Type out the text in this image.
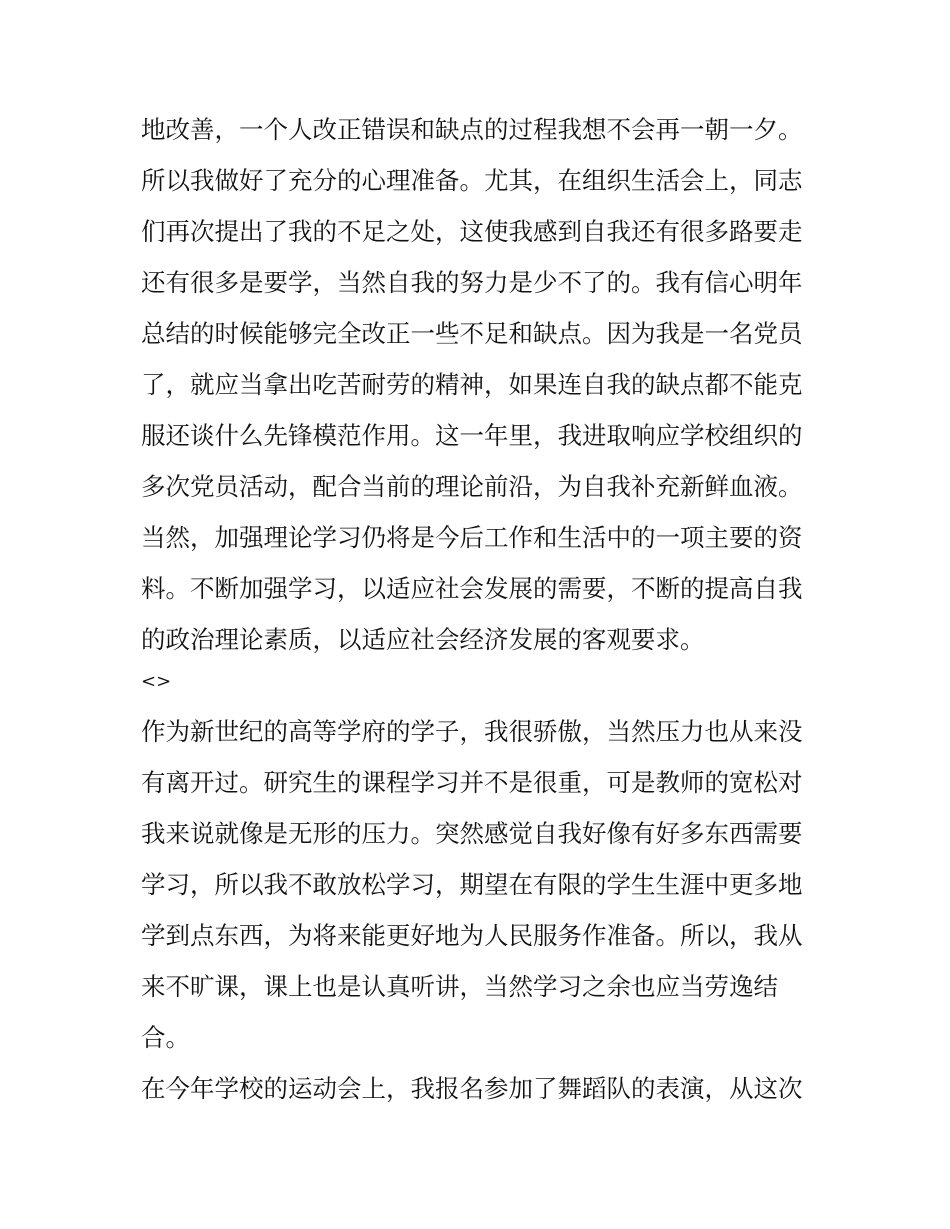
地改善，一个人改正错误和缺点的过程我想不会再一朝一夕。
所以我做好了充分的心理准备。尤其，在组织生活会上，同志
们再次提出了我的不足之处，这使我感到自我还有很多路要走
还有很多是要学，当然自我的努力是少不了的。我有信心明年
总结的时候能够完全改正一些不足和缺点。因为我是一名党员
了，就应当拿出吃苦耐劳的精神，如果连自我的缺点都不能克
服还谈什么先锋模范作用。这一年里，我进取响应学校组织的
多次党员活动，配合当前的理论前沿，为自我补充新鲜血液。
当然，加强理论学习仍将是今后工作和生活中的一项主要的资
料。不断加强学习，以适应社会发展的需要，不断的提高自我
的政治理论素质，以适应社会经济发展的客观要求。
<>
作为新世纪的高等学府的学子，我很骄傲，当然压力也从来没
有离开过。研究生的课程学习并不是很重，可是教师的宽松对
我来说就像是无形的压力。突然感觉自我好像有好多东西需要
学习，所以我不敢放松学习，期望在有限的学生生涯中更多地
学到点东西，为将来能更好地为人民服务作准备。所以，我从
来不旷课，课上也是认真听讲，当然学习之余也应当劳逸结
合。
在今年学校的运动会上，我报名参加了舞蹈队的表演，从这次
